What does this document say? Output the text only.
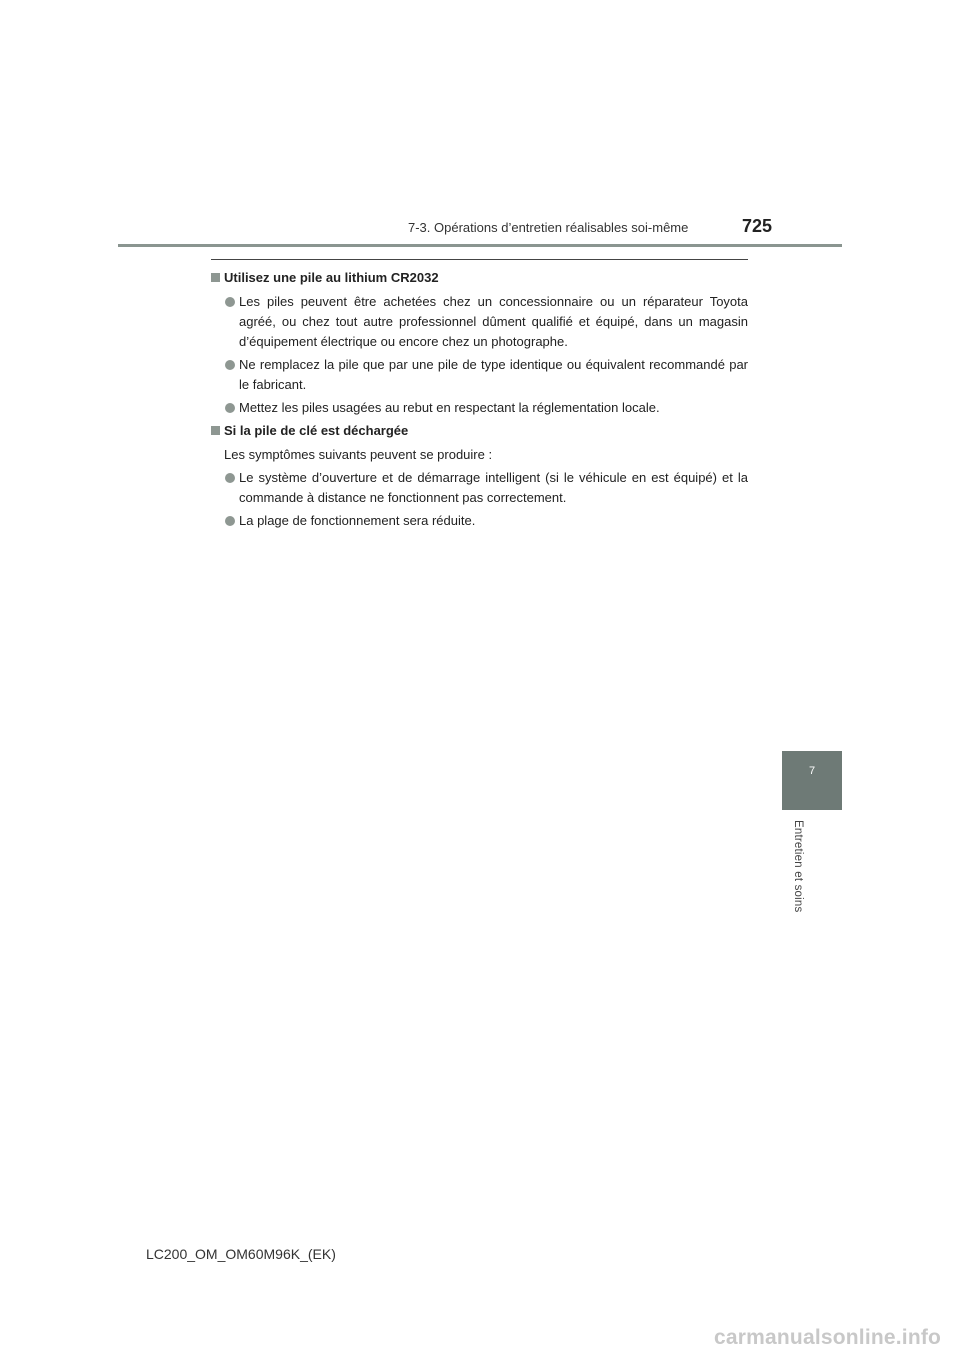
7-3. Opérations d’entretien réalisables soi-même	725
Utilisez une pile au lithium CR2032
Les piles peuvent être achetées chez un concessionnaire ou un réparateur Toyota agréé, ou chez tout autre professionnel dûment qualifié et équipé, dans un magasin d’équipement électrique ou encore chez un photographe.
Ne remplacez la pile que par une pile de type identique ou équivalent recommandé par le fabricant.
Mettez les piles usagées au rebut en respectant la réglementation locale.
Si la pile de clé est déchargée
Les symptômes suivants peuvent se produire :
Le système d’ouverture et de démarrage intelligent (si le véhicule en est équipé) et la commande à distance ne fonctionnent pas correctement.
La plage de fonctionnement sera réduite.
7
Entretien et soins
LC200_OM_OM60M96K_(EK)
carmanualsonline.info
